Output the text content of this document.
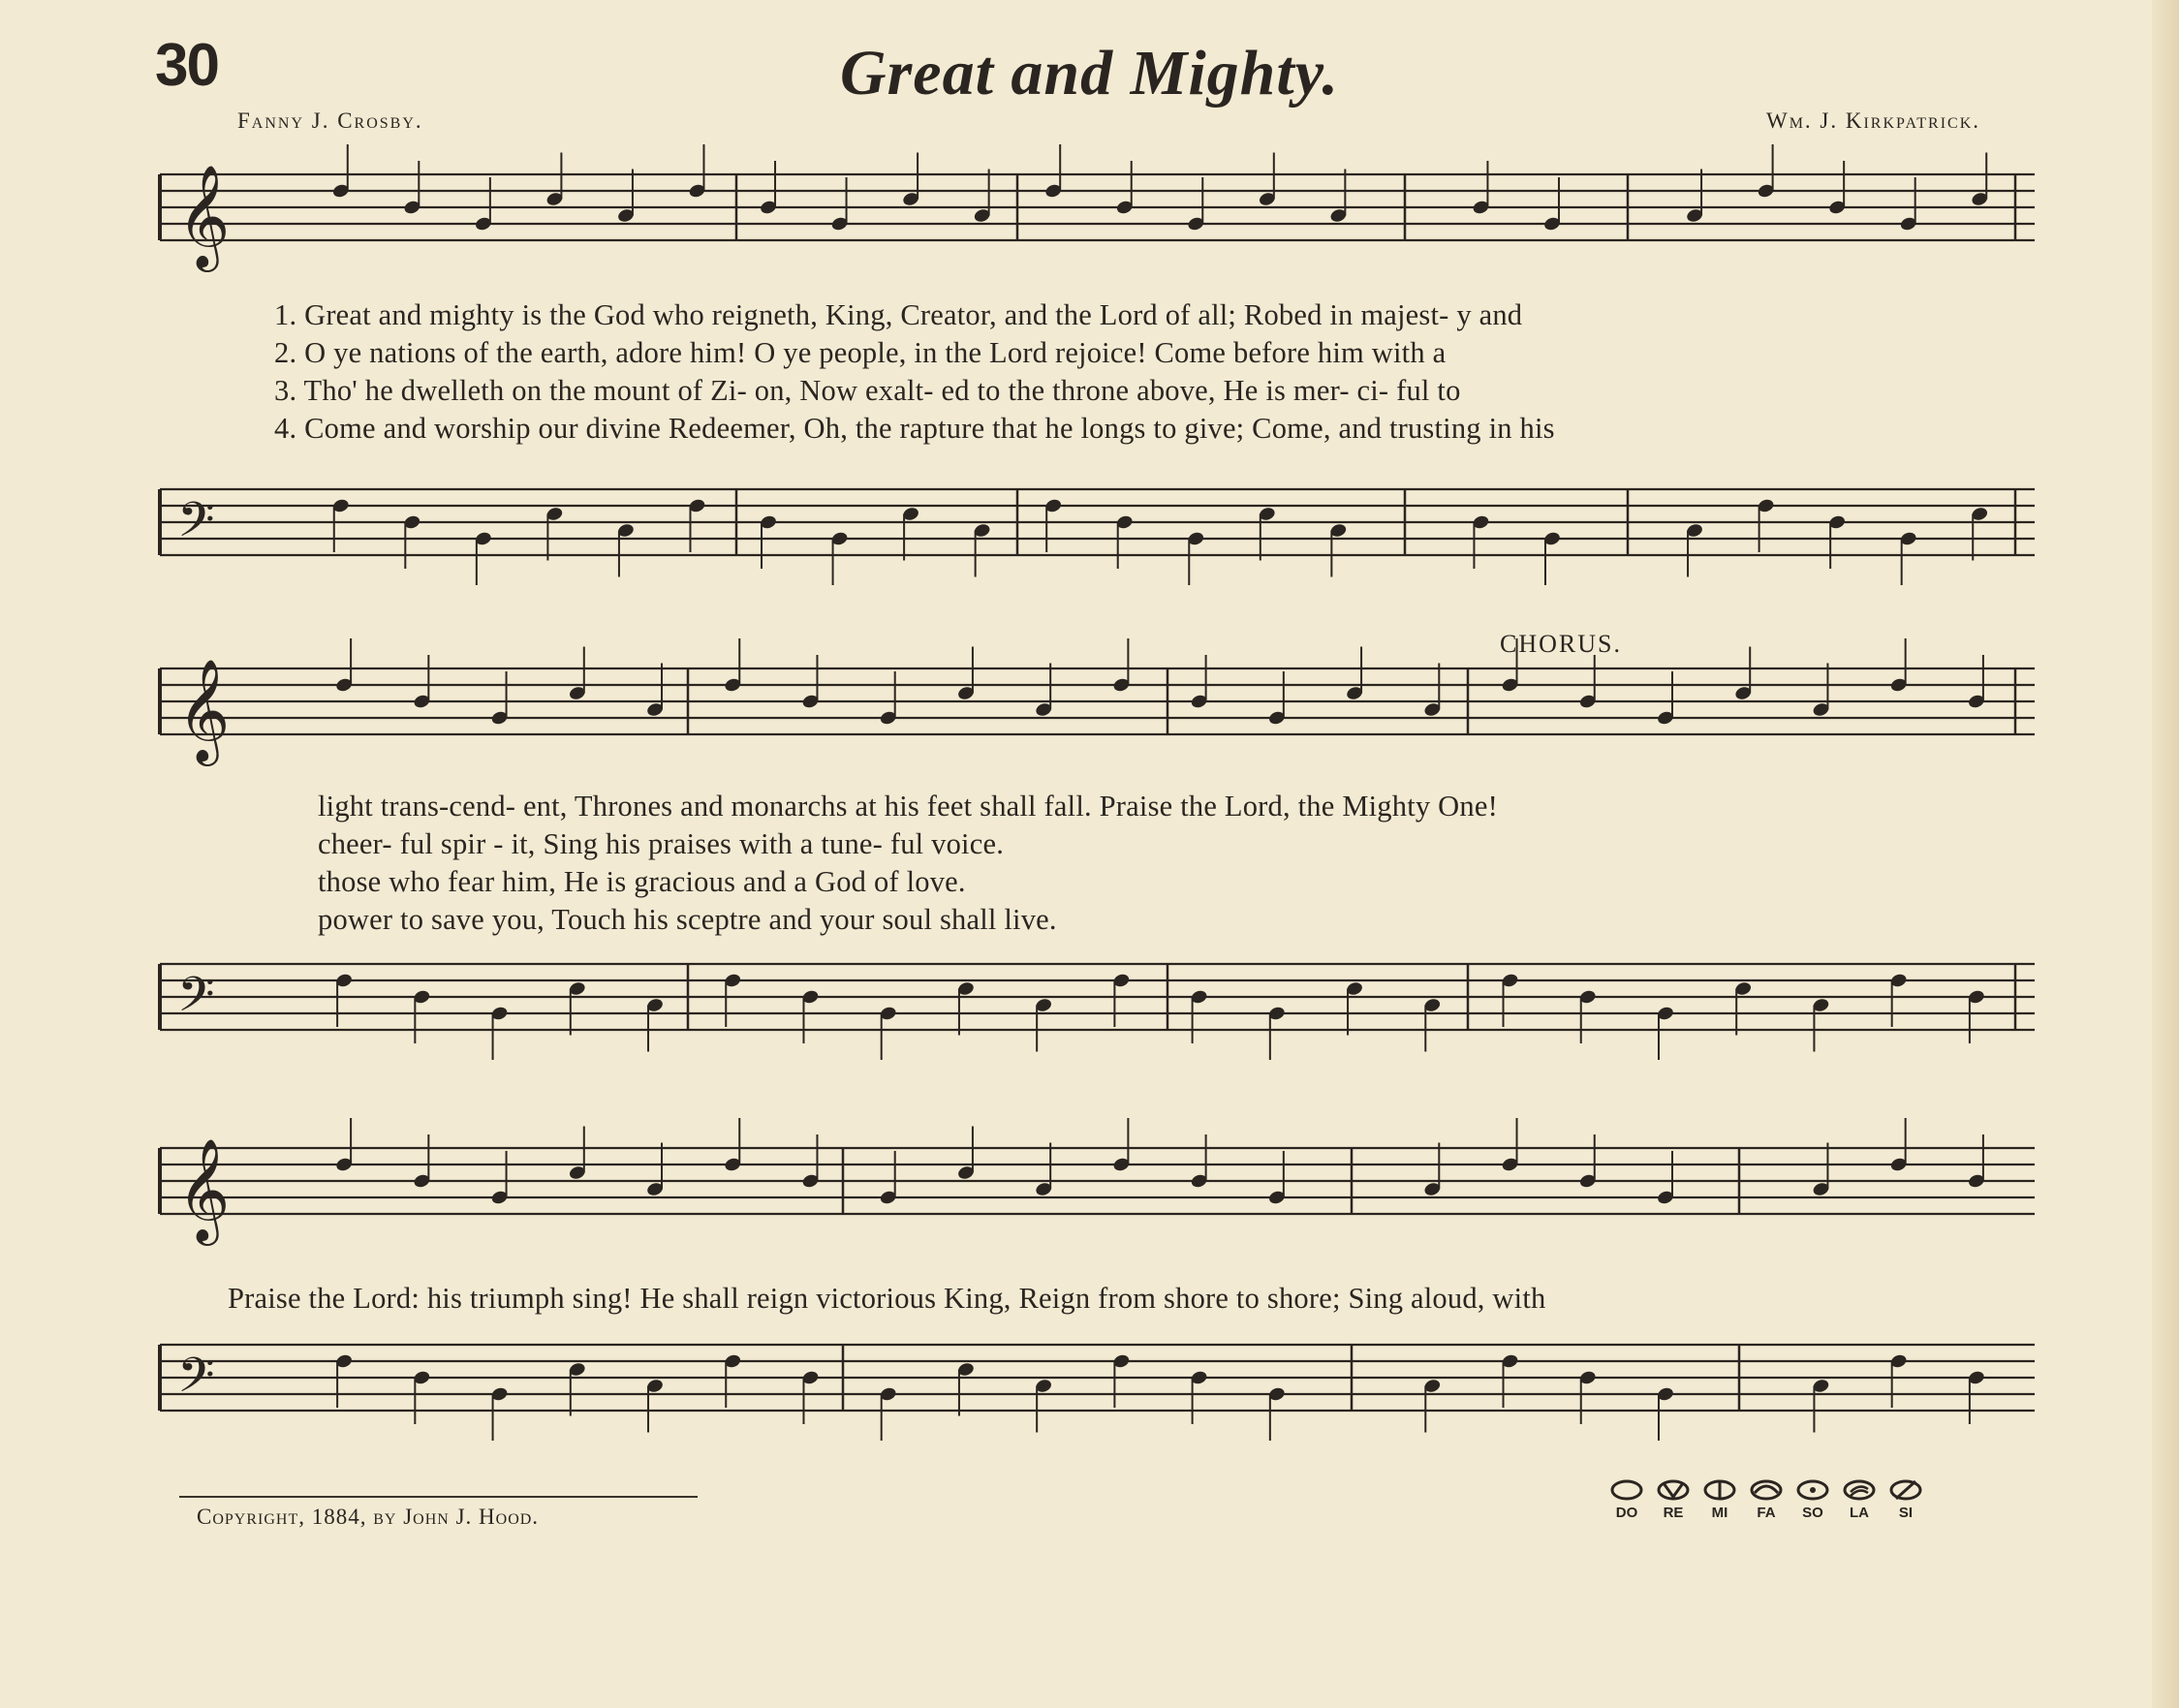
30	Great and Mighty.
Fanny J. Crosby.	Wm. J. Kirkpatrick.
𝄞
𝄢
1. Great and mighty is the God who reigneth, King, Creator, and the Lord of all; Robed in majest- y and
2. O ye nations of the earth, adore him! O ye people, in the Lord rejoice! Come before him with a
3. Tho' he dwelleth on the mount of Zi- on, Now exalt- ed to the throne above, He is mer- ci- ful to
4. Come and worship our divine Redeemer, Oh, the rapture that he longs to give; Come, and trusting in his
CHORUS.
𝄞
𝄢
light trans-cend- ent, Thrones and monarchs at his feet shall fall. Praise the Lord, the Mighty One!
cheer- ful spir - it, Sing his praises with a tune- ful voice.
those who fear him, He is gracious and a God of love.
power to save you, Touch his sceptre and your soul shall live.
𝄞
𝄢
Praise the Lord: his triumph sing! He shall reign victorious King, Reign from shore to shore; Sing aloud, with
Copyright, 1884, by John J. Hood.	DO RE MI FA SO LA SI
